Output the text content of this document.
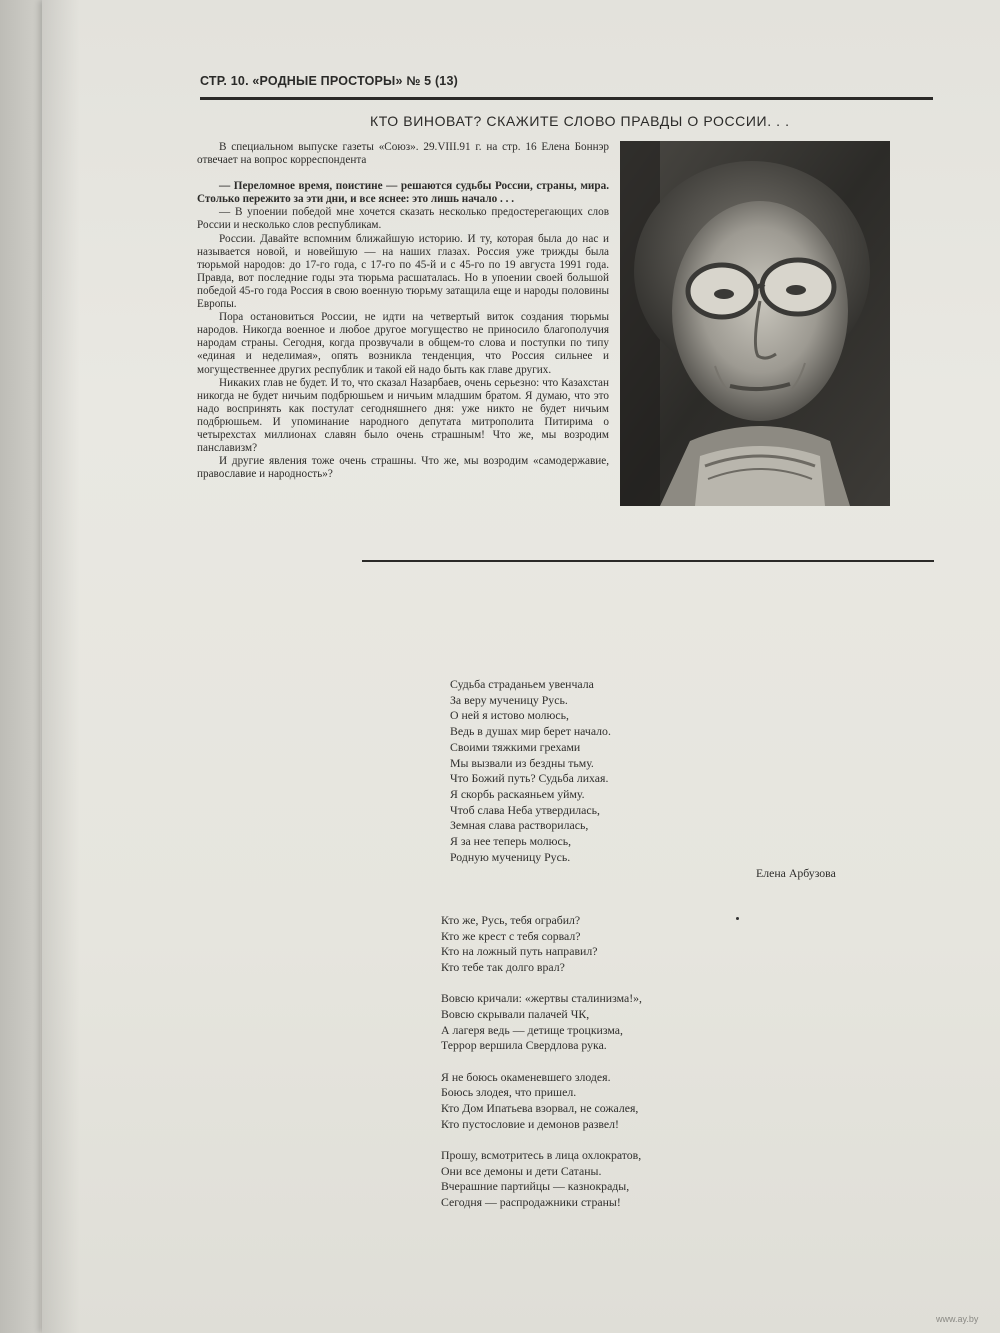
СТР. 10. «РОДНЫЕ ПРОСТОРЫ» № 5 (13)
КТО ВИНОВАТ? СКАЖИТЕ СЛОВО ПРАВДЫ О РОССИИ. . .

В специальном выпуске газеты «Союз». 29.VIII.91 г. на стр. 16 Елена Боннэр отвечает на вопрос корреспондента

— Переломное время, поистине — решаются судьбы России, страны, мира. Столько пережито за эти дни, и все яснее: это лишь начало . . .

— В упоении победой мне хочется сказать несколько предостерегающих слов России и несколько слов республикам.

России. Давайте вспомним ближайшую историю. И ту, которая была до нас и называется новой, и новейшую — на наших глазах. Россия уже трижды была тюрьмой народов: до 17-го года, с 17-го по 45-й и с 45-го по 19 августа 1991 года. Правда, вот последние годы эта тюрьма расшаталась. Но в упоении своей большой победой 45-го года Россия в свою военную тюрьму затащила еще и народы половины Европы.

Пора остановиться России, не идти на четвертый виток создания тюрьмы народов. Никогда военное и любое другое могущество не приносило благополучия народам страны. Сегодня, когда прозвучали в общем-то слова и поступки по типу «единая и неделимая», опять возникла тенденция, что Россия сильнее и могущественнее других республик и такой ей надо быть как главе других.

Никаких глав не будет. И то, что сказал Назарбаев, очень серьезно: что Казахстан никогда не будет ничьим подбрюшьем и ничьим младшим братом. Я думаю, что это надо воспринять как постулат сегодняшнего дня: уже никто не будет ничьим подбрюшьем. И упоминание народного депутата митрополита Питирима о четырехстах миллионах славян было очень страшным! Что же, мы возродим панславизм?

И другие явления тоже очень страшны. Что же, мы возродим «самодержавие, православие и народность»?

Судьба страданьем увенчала
За веру мученицу Русь.
О ней я истово молюсь,
Ведь в душах мир берет начало.
Своими тяжкими грехами
Мы вызвали из бездны тьму.
Что Божий путь? Судьба лихая.
Я скорбь раскаяньем уйму.
Чтоб слава Неба утвердилась,
Земная слава растворилась,
Я за нее теперь молюсь,
Родную мученицу Русь.
Елена Арбузова
Кто же, Русь, тебя ограбил?
Кто же крест с тебя сорвал?
Кто на ложный путь направил?
Кто тебе так долго врал?
Вовсю кричали: «жертвы сталинизма!»,
Вовсю скрывали палачей ЧК,
А лагеря ведь — детище троцкизма,
Террор вершила Свердлова рука.
Я не боюсь окаменевшего злодея.
Боюсь злодея, что пришел.
Кто Дом Ипатьева взорвал, не сожалея,
Кто пустословие и демонов развел!
Прошу, всмотритесь в лица охлократов,
Они все демоны и дети Сатаны.
Вчерашние партийцы — казнокрады,
Сегодня — распродажники страны!
www.ay.by
